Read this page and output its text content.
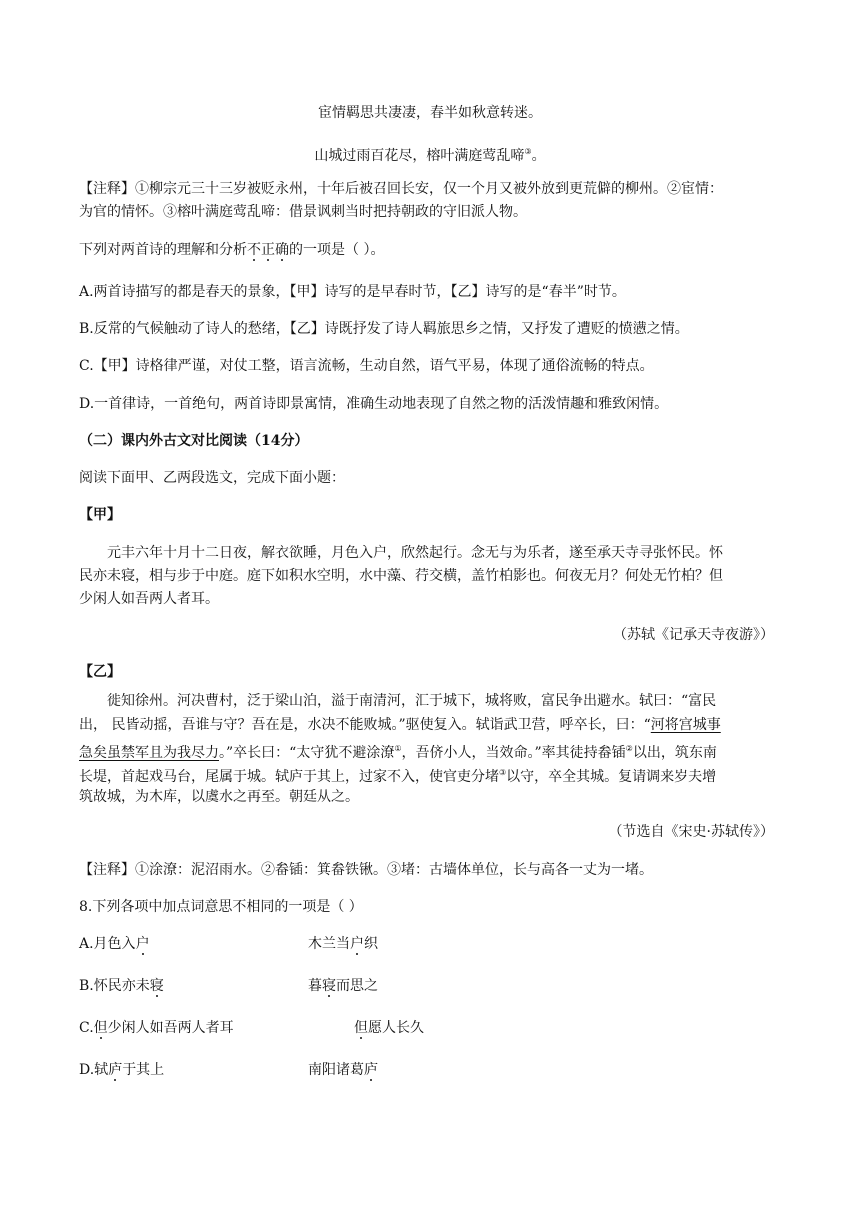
宦情羁思共凄凄，春半如秋意转迷。
山城过雨百花尽，榕叶满庭莺乱啼③。
【注释】①柳宗元三十三岁被贬永州，十年后被召回长安，仅一个月又被外放到更荒僻的柳州。②宦情：
为官的情怀。③榕叶满庭莺乱啼：借景讽刺当时把持朝政的守旧派人物。
下列对两首诗的理解和分析不正确的一项是（ ）。
A.两首诗描写的都是春天的景象，【甲】诗写的是早春时节，【乙】诗写的是“春半”时节。
B.反常的气候触动了诗人的愁绪，【乙】诗既抒发了诗人羁旅思乡之情，又抒发了遭贬的愤懑之情。
C.【甲】诗格律严谨，对仗工整，语言流畅，生动自然，语气平易，体现了通俗流畅的特点。
D.一首律诗，一首绝句，两首诗即景寓情，准确生动地表现了自然之物的活泼情趣和雅致闲情。
（二）课内外古文对比阅读（14分）
阅读下面甲、乙两段选文，完成下面小题：
【甲】
元丰六年十月十二日夜，解衣欲睡，月色入户，欣然起行。念无与为乐者，遂至承天寺寻张怀民。怀
民亦未寝，相与步于中庭。庭下如积水空明，水中藻、荇交横，盖竹柏影也。何夜无月？何处无竹柏？但
少闲人如吾两人者耳。
（苏轼《记承天寺夜游》）
【乙】
徙知徐州。河决曹村，泛于梁山泊，溢于南清河，汇于城下，城将败，富民争出避水。轼曰：“富民
出， 民皆动摇，吾谁与守？吾在是，水决不能败城。”驱使复入。轼诣武卫营，呼卒长，曰：“河将宫城事
急矣虽禁军且为我尽力。”卒长曰：“太守犹不避涂潦①，吾侪小人，当效命。”率其徒持畚锸②以出，筑东南
长堤，首起戏马台，尾属于城。轼庐于其上，过家不入，使官吏分堵③以守，卒全其城。复请调来岁夫增
筑故城，为木库，以虞水之再至。朝廷从之。
（节选自《宋史·苏轼传》）
【注释】①涂潦：泥沼雨水。②畚锸：箕畚铁锹。③堵：古墙体单位，长与高各一丈为一堵。
8.下列各项中加点词意思不相同的一项是（ ）
A.月色入户	木兰当户织
B.怀民亦未寝	暮寝而思之
C.但少闲人如吾两人者耳	但愿人长久
D.轼庐于其上	南阳诸葛庐
